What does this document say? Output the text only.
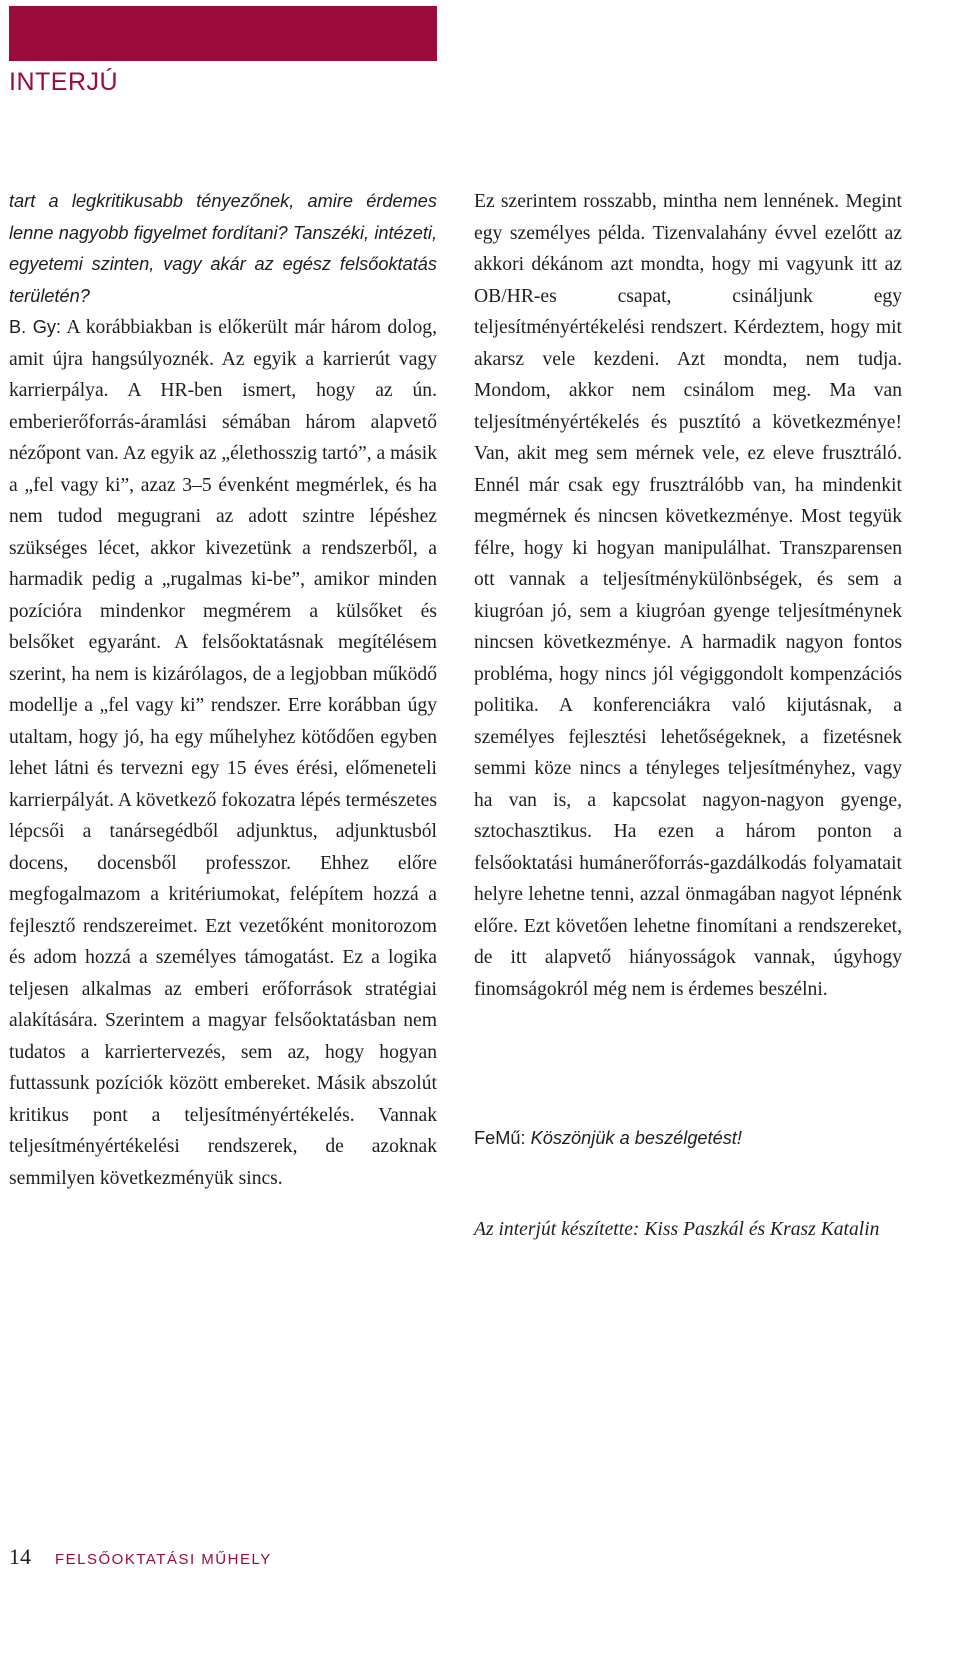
INTERJÚ
tart a legkritikusabb tényezőnek, amire érdemes lenne nagyobb figyelmet fordítani? Tanszéki, intézeti, egyetemi szinten, vagy akár az egész felsőoktatás területén?
B. Gy: A korábbiakban is előkerült már három dolog, amit újra hangsúlyoznék. Az egyik a karrierút vagy karrierpálya. A HR-ben ismert, hogy az ún. emberierőforrás-áramlási sémában három alapvető nézőpont van. Az egyik az „élethosszig tartó”, a másik a „fel vagy ki”, azaz 3–5 évenként megmérlek, és ha nem tudod megugrani az adott szintre lépéshez szükséges lécet, akkor kivezetünk a rendszerből, a harmadik pedig a „rugalmas ki-be”, amikor minden pozícióra mindenkor megmérem a külsőket és belsőket egyaránt. A felsőoktatásnak megítélésem szerint, ha nem is kizárólagos, de a legjobban működő modellje a „fel vagy ki” rendszer. Erre korábban úgy utaltam, hogy jó, ha egy műhelyhez kötődően egyben lehet látni és tervezni egy 15 éves érési, előmeneteli karrierpályát. A következő fokozatra lépés természetes lépcsői a tanársegédből adjunktus, adjunktusból docens, docensből professzor. Ehhez előre megfogalmazom a kritériumokat, felépítem hozzá a fejlesztő rendszereimet. Ezt vezetőként monitorozom és adom hozzá a személyes támogatást. Ez a logika teljesen alkalmas az emberi erőforrások stratégiai alakítására. Szerintem a magyar felsőoktatásban nem tudatos a karriertervezés, sem az, hogy hogyan futtassunk pozíciók között embereket. Másik abszolút kritikus pont a teljesítményértékelés. Vannak teljesítményértékelési rendszerek, de azoknak semmilyen következményük sincs.
Ez szerintem rosszabb, mintha nem lennének. Megint egy személyes példa. Tizenvalahány évvel ezelőtt az akkori dékánom azt mondta, hogy mi vagyunk itt az OB/HR-es csapat, csináljunk egy teljesítményértékelési rendszert. Kérdeztem, hogy mit akarsz vele kezdeni. Azt mondta, nem tudja. Mondom, akkor nem csinálom meg. Ma van teljesítményértékelés és pusztító a következménye! Van, akit meg sem mérnek vele, ez eleve frusztráló. Ennél már csak egy frusztrálóbb van, ha mindenkit megmérnek és nincsen következménye. Most tegyük félre, hogy ki hogyan manipulálhat. Transzparensen ott vannak a teljesítménykülönbségek, és sem a kiugróan jó, sem a kiugróan gyenge teljesítménynek nincsen következménye. A harmadik nagyon fontos probléma, hogy nincs jól végiggondolt kompenzációs politika. A konferenciákra való kijutásnak, a személyes fejlesztési lehetőségeknek, a fizetésnek semmi köze nincs a tényleges teljesítményhez, vagy ha van is, a kapcsolat nagyon-nagyon gyenge, sztochasztikus. Ha ezen a három ponton a felsőoktatási humánerőforrás-gazdálkodás folyamatait helyre lehetne tenni, azzal önmagában nagyot lépnénk előre. Ezt követően lehetne finomítani a rendszereket, de itt alapvető hiányosságok vannak, úgyhogy finomságokról még nem is érdemes beszélni.
FeMű: Köszönjük a beszélgetést!
Az interjút készítette: Kiss Paszkál és Krasz Katalin
14 FELSŐOKTATÁSI MŰHELY
